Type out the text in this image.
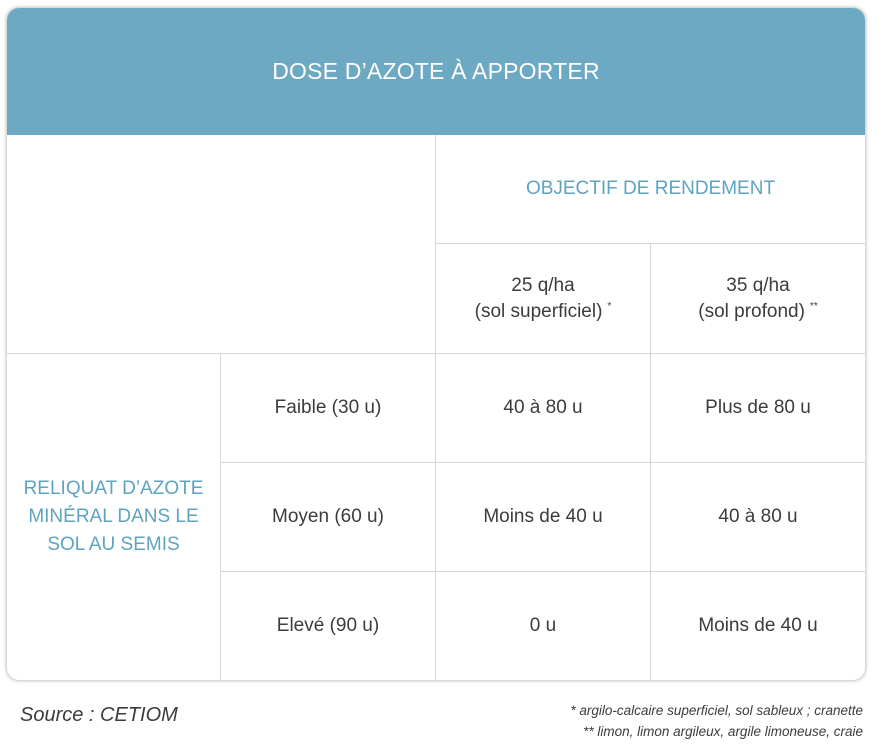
DOSE D’AZOTE À APPORTER
OBJECTIF DE RENDEMENT
25 q/ha
(sol superficiel) *
35 q/ha
(sol profond) **
RELIQUAT D’AZOTE
MINÉRAL DANS LE
SOL AU SEMIS
Faible (30 u)	40 à 80 u	Plus de 80 u
Moyen (60 u)	Moins de 40 u	40 à 80 u
Elevé (90 u)	0 u	Moins de 40 u
Source : CETIOM	* argilo-calcaire superficiel, sol sableux ; cranette
** limon, limon argileux, argile limoneuse, craie
